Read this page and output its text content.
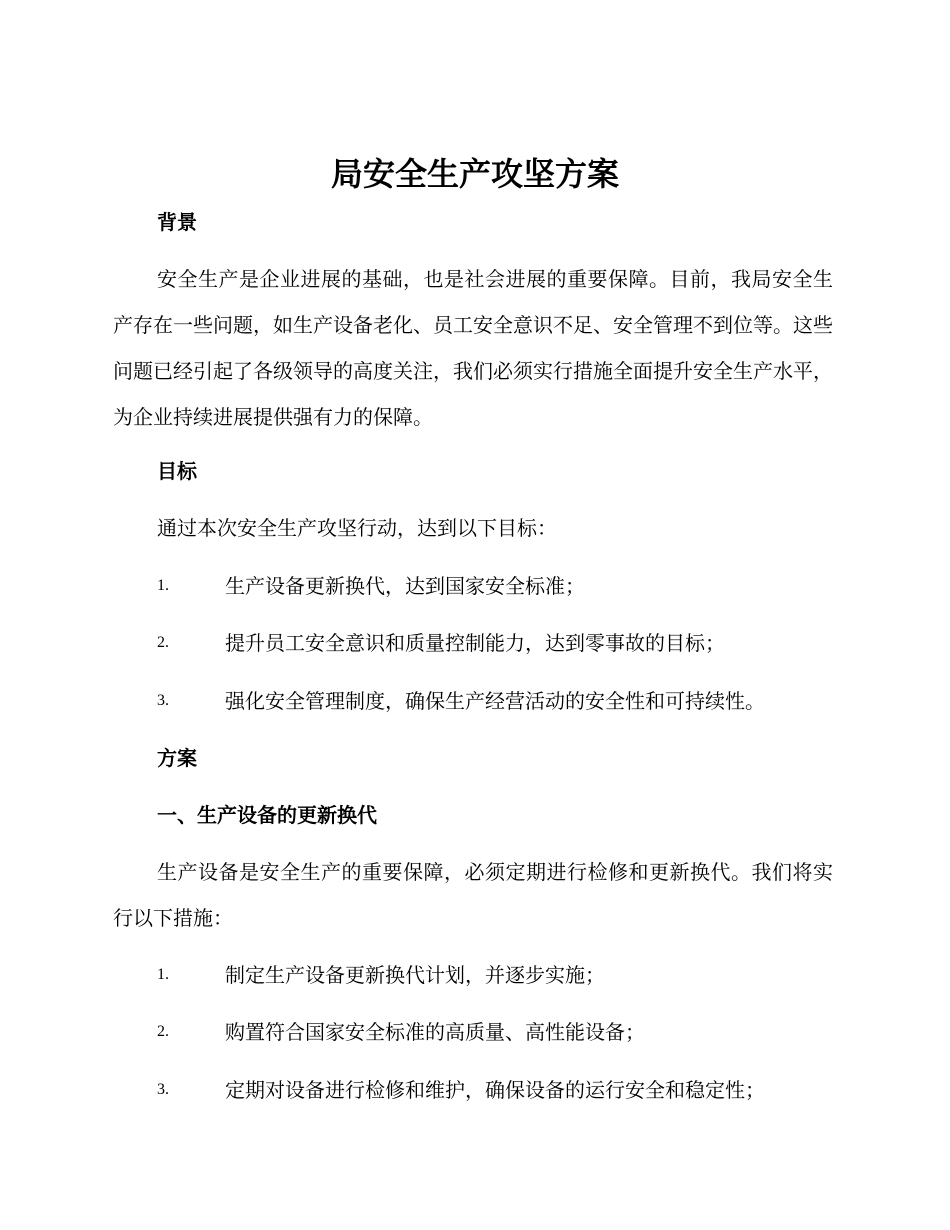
局安全生产攻坚方案
背景
安全生产是企业进展的基础，也是社会进展的重要保障。目前，我局安全生产存在一些问题，如生产设备老化、员工安全意识不足、安全管理不到位等。这些问题已经引起了各级领导的高度关注，我们必须实行措施全面提升安全生产水平，为企业持续进展提供强有力的保障。
目标
通过本次安全生产攻坚行动，达到以下目标：
1.	生产设备更新换代，达到国家安全标准；
2.	提升员工安全意识和质量控制能力，达到零事故的目标；
3.	强化安全管理制度，确保生产经营活动的安全性和可持续性。
方案
一、生产设备的更新换代
生产设备是安全生产的重要保障，必须定期进行检修和更新换代。我们将实行以下措施：
1.	制定生产设备更新换代计划，并逐步实施；
2.	购置符合国家安全标准的高质量、高性能设备；
3.	定期对设备进行检修和维护，确保设备的运行安全和稳定性；
